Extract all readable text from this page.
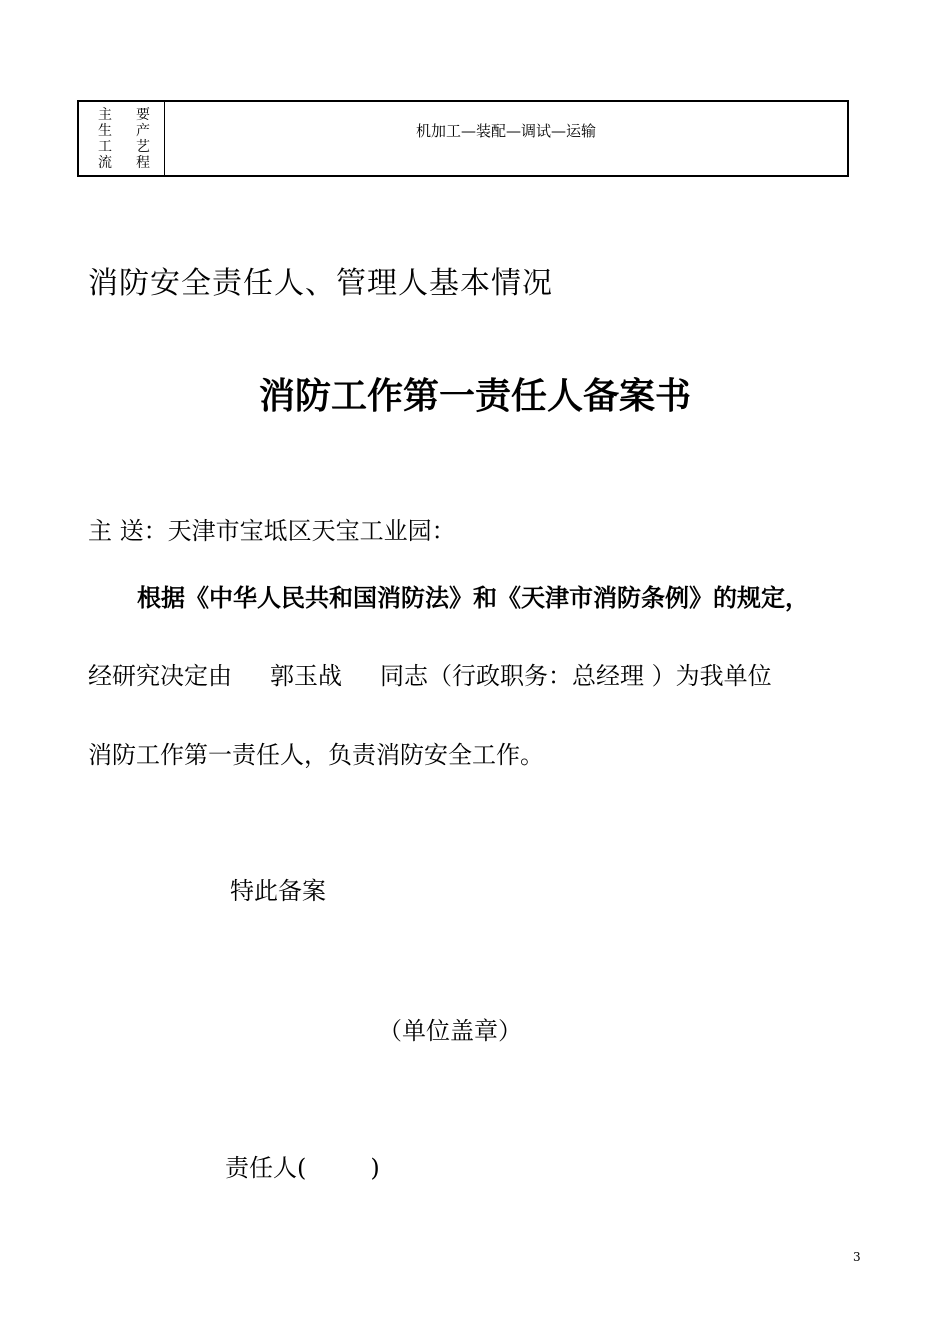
主 要
生 产
工 艺
流 程
机加工—装配—调试—运输
消防安全责任人、管理人基本情况
消防工作第一责任人备案书

主 送：天津市宝坻区天宝工业园：

根据《中华人民共和国消防法》和《天津市消防条例》的规定，

经研究决定由 郭玉战 同志（行政职务：总经理 ）为我单位

消防工作第一责任人，负责消防安全工作。

特此备案

（单位盖章）

责任人(	)

3
